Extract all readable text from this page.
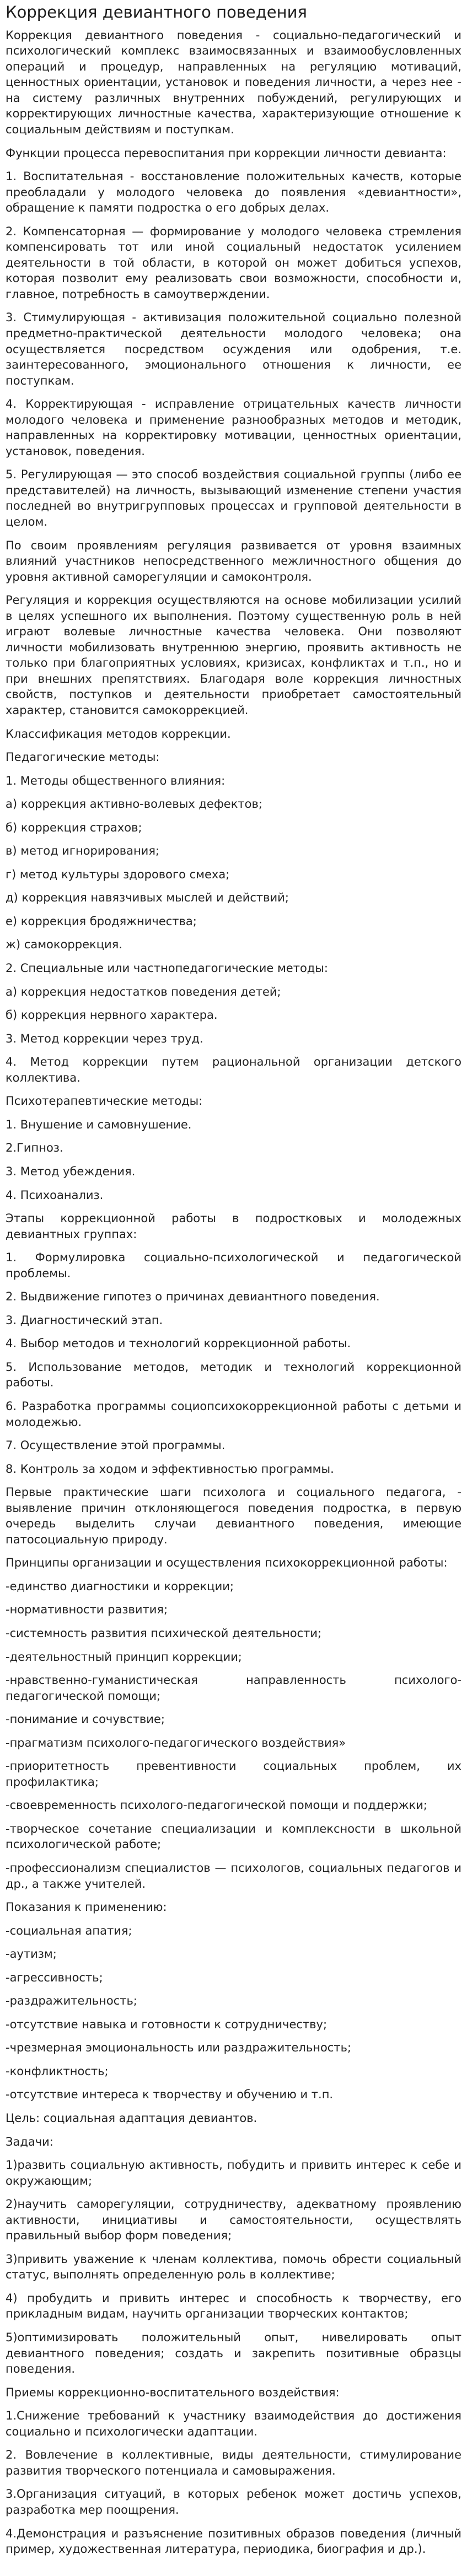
Коррекция девиантного поведения
Коррекция девиантного поведения - социально-педагогический и психологический комплекс взаимосвязанных и взаимообусловленных операций и процедур, направленных на регуляцию мотиваций, ценностных ориентации, установок и поведения личности, а через нее - на систему различных внутренних побуждений, регулирующих и корректирующих личностные качества, характеризующие отношение к социальным действиям и поступкам.
Функции процесса перевоспитания при коррекции личности девианта:
1. Воспитательная - восстановление положительных качеств, которые преобладали у молодого человека до появления «девиантности», обращение к памяти подростка о его добрых делах.
2. Компенсаторная — формирование у молодого человека стремления компенсировать тот или иной социальный недостаток усилением деятельности в той области, в которой он может добиться успехов, которая позволит ему реализовать свои возможности, способности и, главное, потребность в самоутверждении.
3. Стимулирующая - активизация положительной социально полезной предметно-практической деятельности молодого человека; она осуществляется посредством осуждения или одобрения, т.е. заинтересованного, эмоционального отношения к личности, ее поступкам.
4. Корректирующая - исправление отрицательных качеств личности молодого человека и применение разнообразных методов и методик, направленных на корректировку мотивации, ценностных ориентации, установок, поведения.
5. Регулирующая — это способ воздействия социальной группы (либо ее представителей) на личность, вызывающий изменение степени участия последней во внутригрупповых процессах и групповой деятельности в целом.
По своим проявлениям регуляция развивается от уровня взаимных влияний участников непосредственного межличностного общения до уровня активной саморегуляции и самоконтроля.
Регуляция и коррекция осуществляются на основе мобилизации усилий в целях успешного их выполнения. Поэтому существенную роль в ней играют волевые личностные качества человека. Они позволяют личности мобилизовать внутреннюю энергию, проявить активность не только при благоприятных условиях, кризисах, конфликтах и т.п., но и при внешних препятствиях. Благодаря воле коррекция личностных свойств, поступков и деятельности приобретает самостоятельный характер, становится самокоррекцией.
Классификация методов коррекции.
Педагогические методы:
1. Методы общественного влияния:
а) коррекция активно-волевых дефектов;
б) коррекция страхов;
в) метод игнорирования;
г) метод культуры здорового смеха;
д) коррекция навязчивых мыслей и действий;
е) коррекция бродяжничества;
ж) самокоррекция.
2. Специальные или частнопедагогические методы:
а) коррекция недостатков поведения детей;
б) коррекция нервного характера.
3. Метод коррекции через труд.
4. Метод коррекции путем рациональной организации детского коллектива.
Психотерапевтические методы:
1. Внушение и самовнушение.
2.Гипноз.
3. Метод убеждения.
4. Психоанализ.
Этапы коррекционной работы в подростковых и молодежных девиантных группах:
1. Формулировка социально-психологической и педагогической проблемы.
2. Выдвижение гипотез о причинах девиантного поведения.
3. Диагностический этап.
4. Выбор методов и технологий коррекционной работы.
5. Использование методов, методик и технологий коррекционной работы.
6. Разработка программы социопсихокоррекционной работы с детьми и молодежью.
7. Осуществление этой программы.
8. Контроль за ходом и эффективностью программы.
Первые практические шаги психолога и социального педагога, - выявление причин отклоняющегося поведения подростка, в первую очередь выделить случаи девиантного поведения, имеющие патосоциальную природу.
Принципы организации и осуществления психокоррекционной работы:
-единство диагностики и коррекции;
-нормативности развития;
-системность развития психической деятельности;
-деятельностный принцип коррекции;
-нравственно-гуманистическая направленность психолого-педагогической помощи;
-понимание и сочувствие;
-прагматизм психолого-педагогического воздействия»
-приоритетность превентивности социальных проблем, их профилактика;
-своевременность психолого-педагогической помощи и поддержки;
-творческое сочетание специализации и комплексности в школьной психологической работе;
-профессионализм специалистов — психологов, социальных педагогов и др., а также учителей.
Показания к применению:
-социальная апатия;
-аутизм;
-агрессивность;
-раздражительность;
-отсутствие навыка и готовности к сотрудничеству;
-чрезмерная эмоциональность или раздражительность;
-конфликтность;
-отсутствие интереса к творчеству и обучению и т.п.
Цель: социальная адаптация девиантов.
Задачи:
1)развить социальную активность, побудить и привить интерес к себе и окружающим;
2)научить саморегуляции, сотрудничеству, адекватному проявлению активности, инициативы и самостоятельности, осуществлять правильный выбор форм поведения;
3)привить уважение к членам коллектива, помочь обрести социальный статус, выполнять определенную роль в коллективе;
4) пробудить и привить интерес и способность к творчеству, его прикладным видам, научить организации творческих контактов;
5)оптимизировать положительный опыт, нивелировать опыт девиантного поведения; создать и закрепить позитивные образцы поведения.
Приемы коррекционно-воспитательного воздействия:
1.Снижение требований к участнику взаимодействия до достижения социально и психологически адаптации.
2. Вовлечение в коллективные, виды деятельности, стимулирование развития творческого потенциала и самовыражения.
3.Организация ситуаций, в которых ребенок может достичь успехов, разработка мер поощрения.
4.Демонстрация и разъяснение позитивных образов поведения (личный пример, художественная литература, периодика, биография и др.).
